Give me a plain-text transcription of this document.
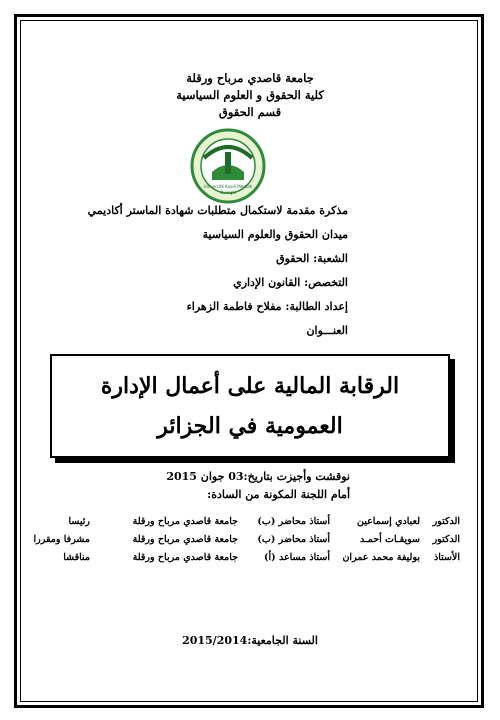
جامعة قاصدي مرباح ورقلة
كلية الحقوق و العلوم السياسية
قسم الحقوق
Université Kasdi Merbah
Ouargla
مذكرة مقدمة لاستكمال متطلبات شهادة الماستر أكاديمي
ميدان الحقوق والعلوم السياسية
الشعبة: الحقوق
التخصص: القانون الإداري
إعداد الطالبة: مفلاح فاطمة الزهراء
العنـــوان
الرقابة المالية على أعمال الإدارة
العمومية في الجزائر
نوقشت وأجيزت بتاريخ:03 جوان 2015
أمام اللجنة المكونة من السادة:
الدكتور
لعبادي إسماعين
أستاذ محاضر (ب)
جامعة قاصدي مرباح ورقلة
رئيسا
الدكتور
سويقـات أحمـد
أستاذ محاضر (ب)
جامعة قاصدي مرباح ورقلة
مشرفا ومقررا
الأستاذ
بوليفة محمد عمران
أستاذ مساعد (أ)
جامعة قاصدي مرباح ورقلة
مناقشا
السنة الجامعية:2015/2014
